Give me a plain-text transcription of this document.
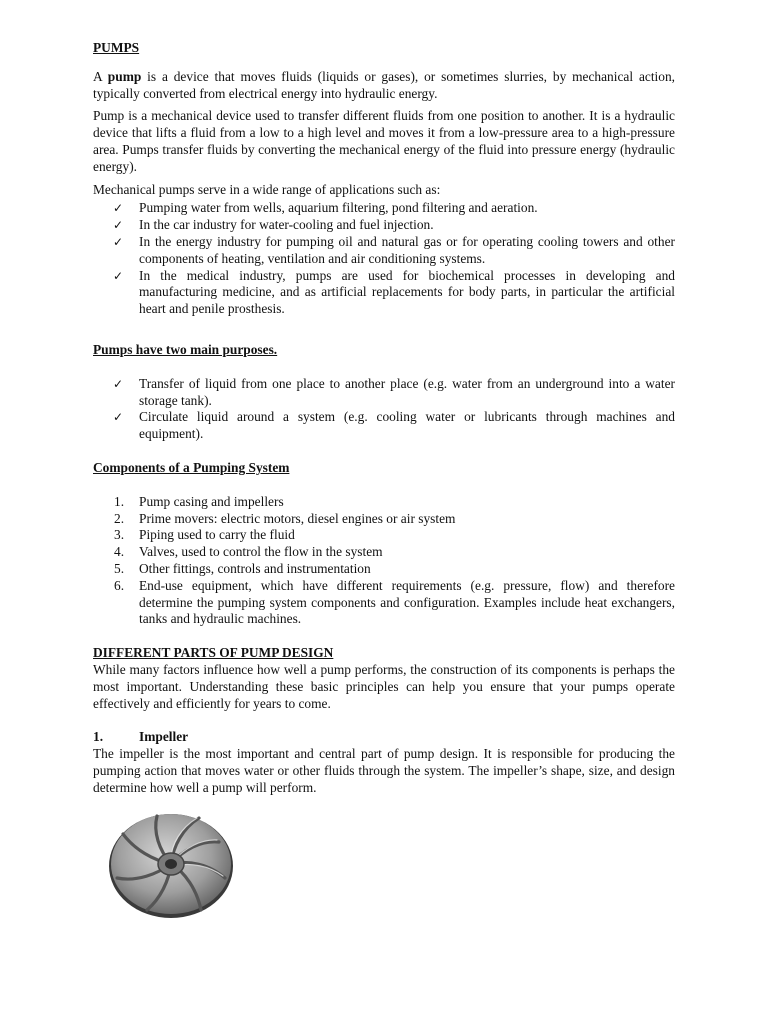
PUMPS

A pump is a device that moves fluids (liquids or gases), or sometimes slurries, by mechanical action, typically converted from electrical energy into hydraulic energy.

Pump is a mechanical device used to transfer different fluids from one position to another. It is a hydraulic device that lifts a fluid from a low to a high level and moves it from a low-pressure area to a high-pressure area. Pumps transfer fluids by converting the mechanical energy of the fluid into pressure energy (hydraulic energy).

Mechanical pumps serve in a wide range of applications such as:

✓ Pumping water from wells, aquarium filtering, pond filtering and aeration.
✓ In the car industry for water-cooling and fuel injection.
✓ In the energy industry for pumping oil and natural gas or for operating cooling towers and other components of heating, ventilation and air conditioning systems.
✓ In the medical industry, pumps are used for biochemical processes in developing and manufacturing medicine, and as artificial replacements for body parts, in particular the artificial heart and penile prosthesis.

Pumps have two main purposes.

✓ Transfer of liquid from one place to another place (e.g. water from an underground into a water storage tank).
✓ Circulate liquid around a system (e.g. cooling water or lubricants through machines and equipment).

Components of a Pumping System

1. Pump casing and impellers
2. Prime movers: electric motors, diesel engines or air system
3. Piping used to carry the fluid
4. Valves, used to control the flow in the system
5. Other fittings, controls and instrumentation
6. End-use equipment, which have different requirements (e.g. pressure, flow) and therefore determine the pumping system components and configuration. Examples include heat exchangers, tanks and hydraulic machines.

DIFFERENT PARTS OF PUMP DESIGN

While many factors influence how well a pump performs, the construction of its components is perhaps the most important. Understanding these basic principles can help you ensure that your pumps operate effectively and efficiently for years to come.

1.	Impeller

The impeller is the most important and central part of pump design. It is responsible for producing the pumping action that moves water or other fluids through the system. The impeller’s shape, size, and design determine how well a pump will perform.
